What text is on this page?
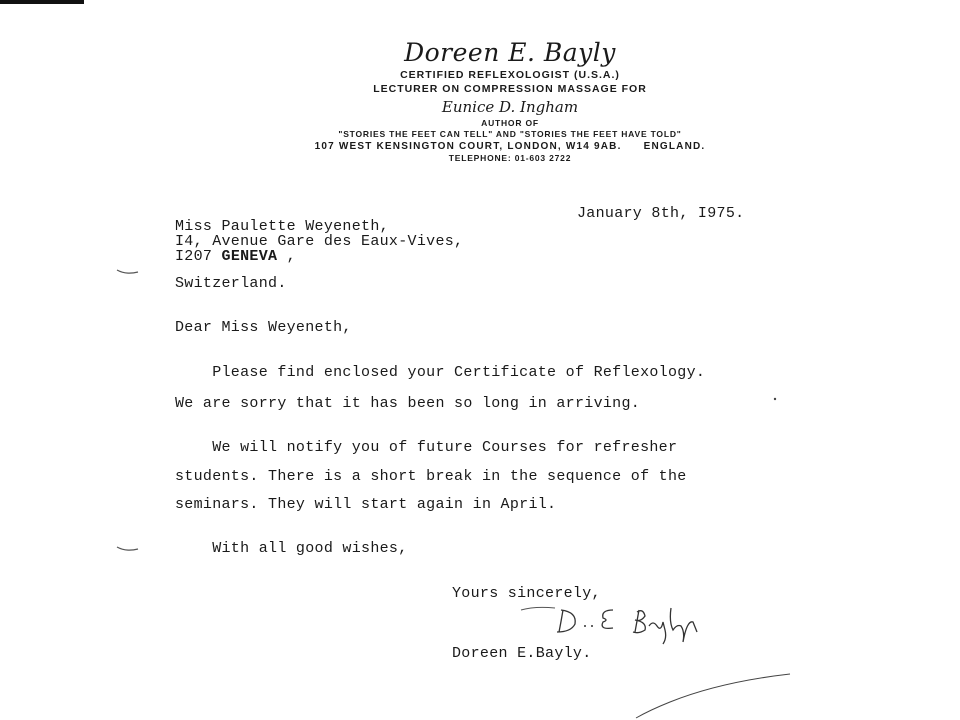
Doreen E. Bayly
CERTIFIED REFLEXOLOGIST (U.S.A.)
LECTURER ON COMPRESSION MASSAGE FOR
Eunice D. Ingham
AUTHOR OF
"STORIES THE FEET CAN TELL" AND "STORIES THE FEET HAVE TOLD"
107 WEST KENSINGTON COURT, LONDON, W14 9AB. ENGLAND.
TELEPHONE: 01-603 2722
January 8th, I975.
Miss Paulette Weyeneth,
I4, Avenue Gare des Eaux-Vives,
I207 GENEVA ,
Switzerland.
Dear Miss Weyeneth,
Please find enclosed your Certificate of Reflexology.
We are sorry that it has been so long in arriving.
We will notify you of future Courses for refresher
students. There is a short break in the sequence of the
seminars. They will start again in April.
With all good wishes,
Yours sincerely,
D. E. Bayly
Doreen E.Bayly.
